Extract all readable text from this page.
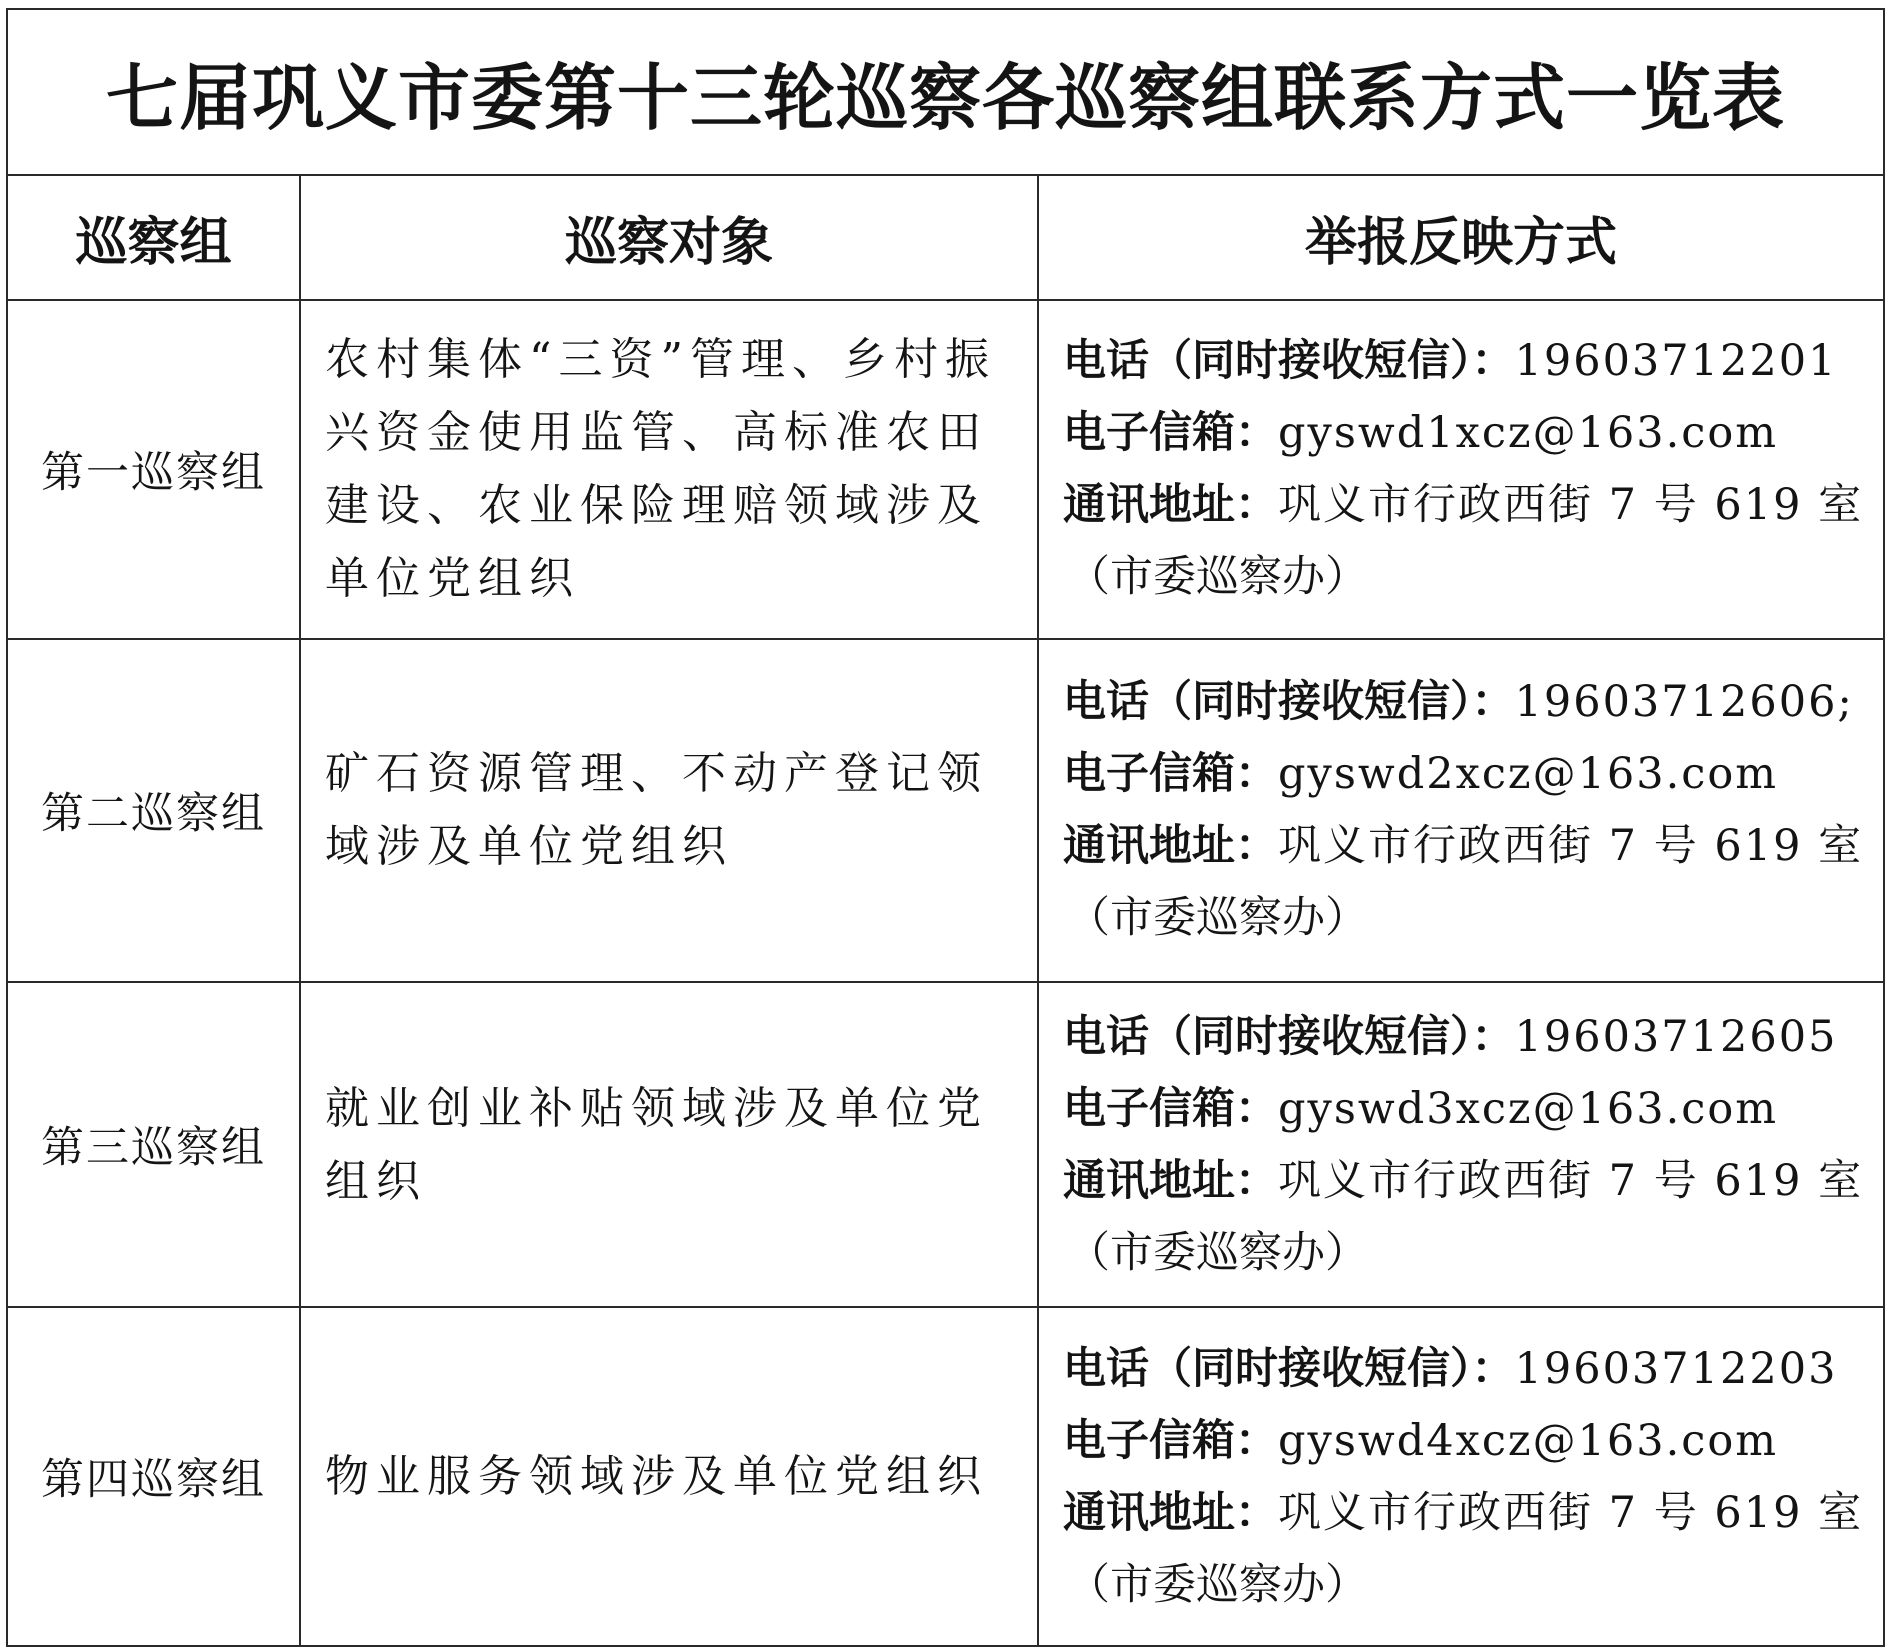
七届巩义市委第十三轮巡察各巡察组联系方式一览表		
巡察组	巡察对象	举报反映方式
第一巡察组	农村集体“三资”管理、乡村振兴资金使用监管、高标准农田建设、农业保险理赔领域涉及单位党组织	电话（同时接收短信）：19603712201
电子信箱：gyswd1xcz@163.com
通讯地址：巩义市行政西街 7 号 619 室
（市委巡察办）

第二巡察组	矿石资源管理、不动产登记领域涉及单位党组织	电话（同时接收短信）：19603712606;
电子信箱：gyswd2xcz@163.com
通讯地址：巩义市行政西街 7 号 619 室
（市委巡察办）

第三巡察组	就业创业补贴领域涉及单位党组织	电话（同时接收短信）：19603712605
电子信箱：gyswd3xcz@163.com
通讯地址：巩义市行政西街 7 号 619 室
（市委巡察办）

第四巡察组	物业服务领域涉及单位党组织	电话（同时接收短信）：19603712203
电子信箱：gyswd4xcz@163.com
通讯地址：巩义市行政西街 7 号 619 室
（市委巡察办）
